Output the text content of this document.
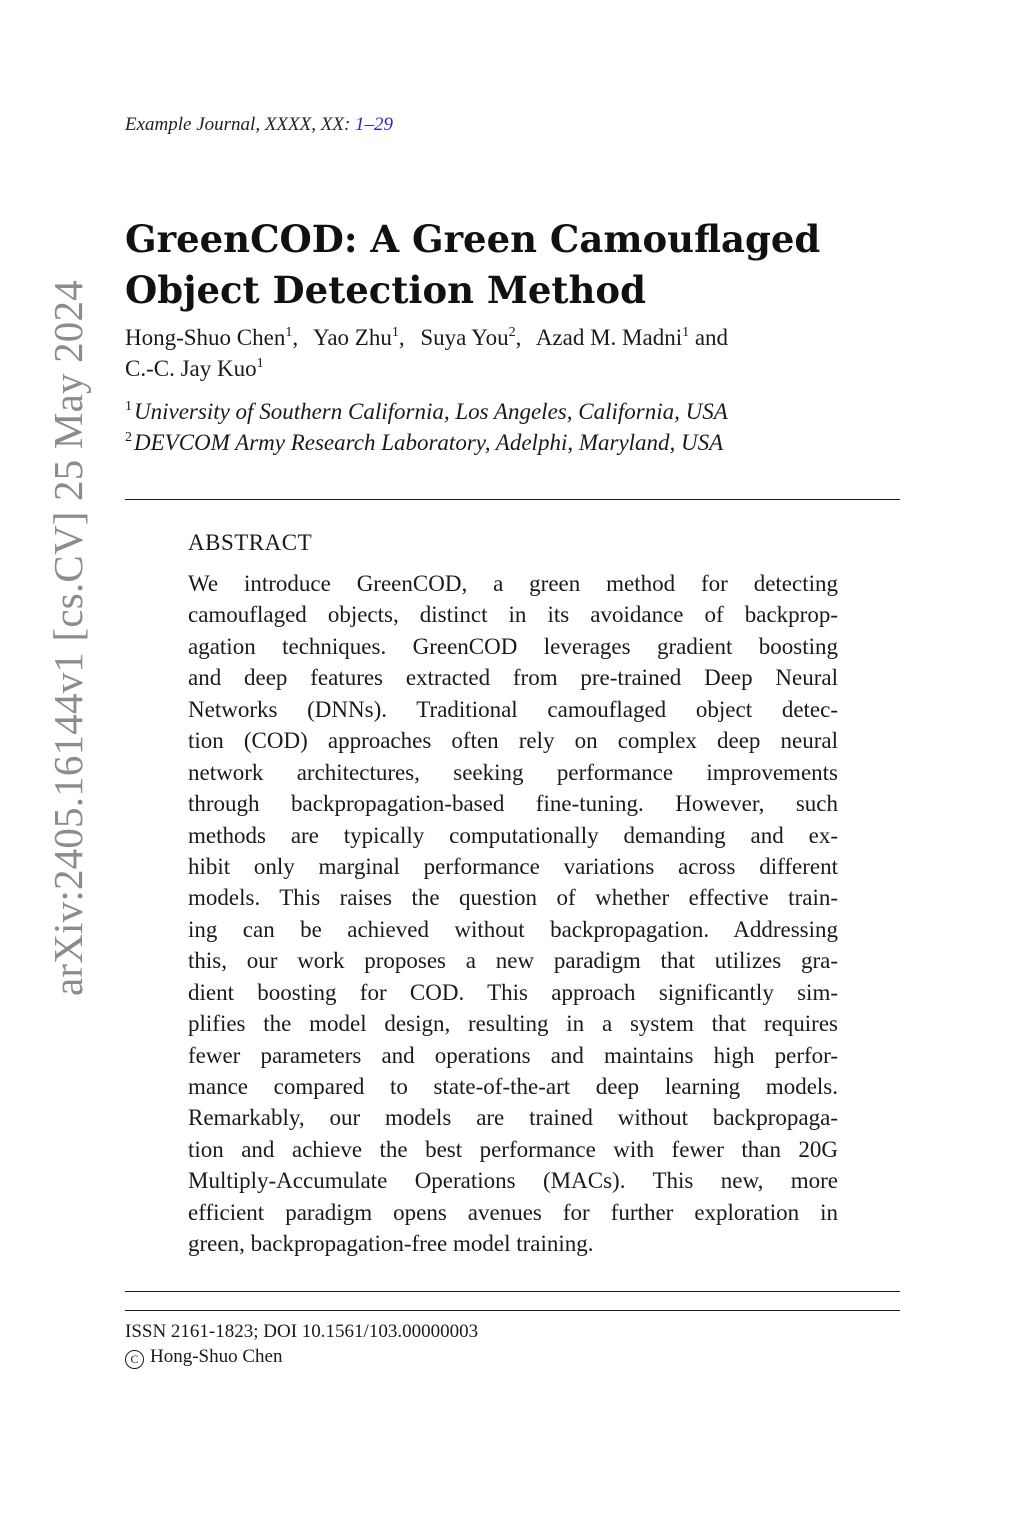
arXiv:2405.16144v1 [cs.CV] 25 May 2024
Example Journal, XXXX, XX: 1–29
GreenCOD: A Green Camouflaged
Object Detection Method
Hong-Shuo Chen$^1$, Yao Zhu$^1$, Suya You$^2$, Azad M. Madni$^1$ and
C.-C. Jay Kuo$^1$
$^1$University of Southern California, Los Angeles, California, USA
$^2$DEVCOM Army Research Laboratory, Adelphi, Maryland, USA
ABSTRACT

We introduce GreenCOD, a green method for detecting
camouflaged objects, distinct in its avoidance of backprop-
agation techniques. GreenCOD leverages gradient boosting
and deep features extracted from pre-trained Deep Neural
Networks (DNNs). Traditional camouflaged object detec-
tion (COD) approaches often rely on complex deep neural
network architectures, seeking performance improvements
through backpropagation-based fine-tuning. However, such
methods are typically computationally demanding and ex-
hibit only marginal performance variations across different
models. This raises the question of whether effective train-
ing can be achieved without backpropagation. Addressing
this, our work proposes a new paradigm that utilizes gra-
dient boosting for COD. This approach significantly sim-
plifies the model design, resulting in a system that requires
fewer parameters and operations and maintains high perfor-
mance compared to state-of-the-art deep learning models.
Remarkably, our models are trained without backpropaga-
tion and achieve the best performance with fewer than 20G
Multiply-Accumulate Operations (MACs). This new, more
efficient paradigm opens avenues for further exploration in
green, backpropagation-free model training.

ISSN 2161-1823; DOI 10.1561/103.00000003
C Hong-Shuo Chen
